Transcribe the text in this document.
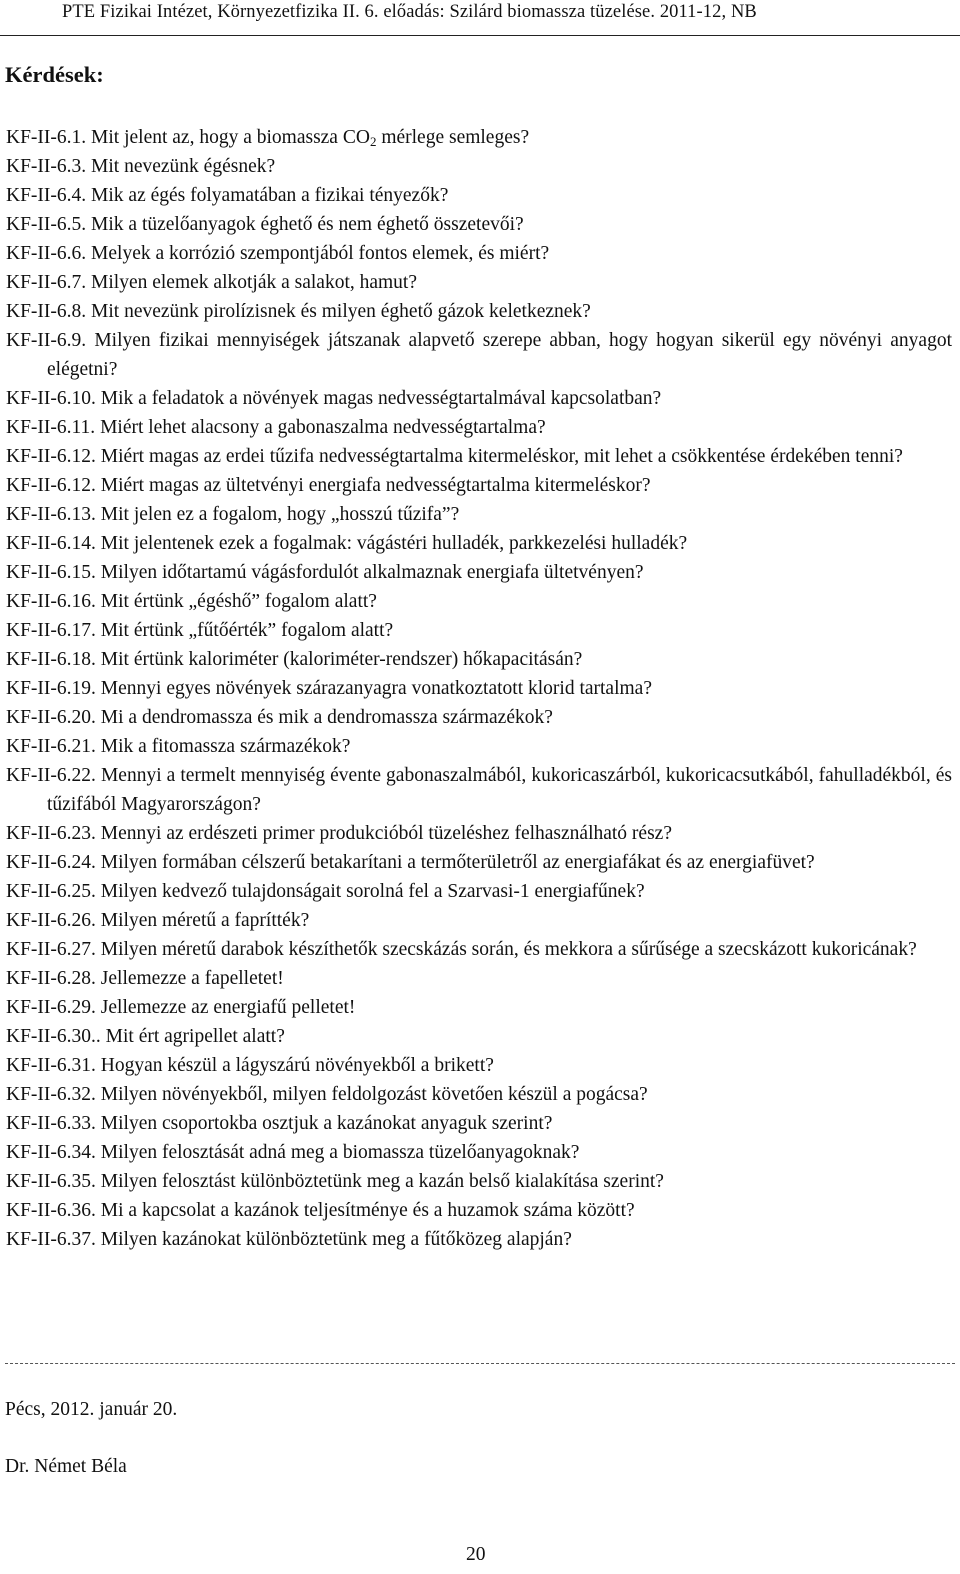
PTE Fizikai Intézet, Környezetfizika II. 6. előadás: Szilárd biomassza tüzelése. 2011-12, NB
Kérdések:
KF-II-6.1. Mit jelent az, hogy a biomassza $CO_2$ mérlege semleges?
KF-II-6.3. Mit nevezünk égésnek?
KF-II-6.4. Mik az égés folyamatában a fizikai tényezők?
KF-II-6.5. Mik a tüzelőanyagok éghető és nem éghető összetevői?
KF-II-6.6. Melyek a korrózió szempontjából fontos elemek, és miért?
KF-II-6.7. Milyen elemek alkotják a salakot, hamut?
KF-II-6.8. Mit nevezünk pirolízisnek és milyen éghető gázok keletkeznek?
KF-II-6.9. Milyen fizikai mennyiségek játszanak alapvető szerepe abban, hogy hogyan sikerül egy növényi anyagot elégetni?
KF-II-6.10. Mik a feladatok a növények magas nedvességtartalmával kapcsolatban?
KF-II-6.11. Miért lehet alacsony a gabonaszalma nedvességtartalma?
KF-II-6.12. Miért magas az erdei tűzifa nedvességtartalma kitermeléskor, mit lehet a csökkentése érdekében tenni?
KF-II-6.12. Miért magas az ültetvényi energiafa nedvességtartalma kitermeléskor?
KF-II-6.13. Mit jelen ez a fogalom, hogy „hosszú tűzifa”?
KF-II-6.14. Mit jelentenek ezek a fogalmak: vágástéri hulladék, parkkezelési hulladék?
KF-II-6.15. Milyen időtartamú vágásfordulót alkalmaznak energiafa ültetvényen?
KF-II-6.16. Mit értünk „égéshő” fogalom alatt?
KF-II-6.17. Mit értünk „fűtőérték” fogalom alatt?
KF-II-6.18. Mit értünk kaloriméter (kaloriméter-rendszer) hőkapacitásán?
KF-II-6.19. Mennyi egyes növények szárazanyagra vonatkoztatott klorid tartalma?
KF-II-6.20. Mi a dendromassza és mik a dendromassza származékok?
KF-II-6.21. Mik a fitomassza származékok?
KF-II-6.22. Mennyi a termelt mennyiség évente gabonaszalmából, kukoricaszárból, kukoricacsutkából, fahulladékból, és tűzifából Magyarországon?
KF-II-6.23. Mennyi az erdészeti primer produkcióból tüzeléshez felhasználható rész?
KF-II-6.24. Milyen formában célszerű betakarítani a termőterületről az energiafákat és az energiafüvet?
KF-II-6.25. Milyen kedvező tulajdonságait sorolná fel a Szarvasi-1 energiafűnek?
KF-II-6.26. Milyen méretű a faprítték?
KF-II-6.27. Milyen méretű darabok készíthetők szecskázás során, és mekkora a sűrűsége a szecskázott kukoricának?
KF-II-6.28. Jellemezze a fapelletet!
KF-II-6.29. Jellemezze az energiafű pelletet!
KF-II-6.30.. Mit ért agripellet alatt?
KF-II-6.31. Hogyan készül a lágyszárú növényekből a brikett?
KF-II-6.32. Milyen növényekből, milyen feldolgozást követően készül a pogácsa?
KF-II-6.33. Milyen csoportokba osztjuk a kazánokat anyaguk szerint?
KF-II-6.34. Milyen felosztását adná meg a biomassza tüzelőanyagoknak?
KF-II-6.35. Milyen felosztást különböztetünk meg a kazán belső kialakítása szerint?
KF-II-6.36. Mi a kapcsolat a kazánok teljesítménye és a huzamok száma között?
KF-II-6.37. Milyen kazánokat különböztetünk meg a fűtőközeg alapján?
Pécs, 2012. január 20.
Dr. Német Béla
20
